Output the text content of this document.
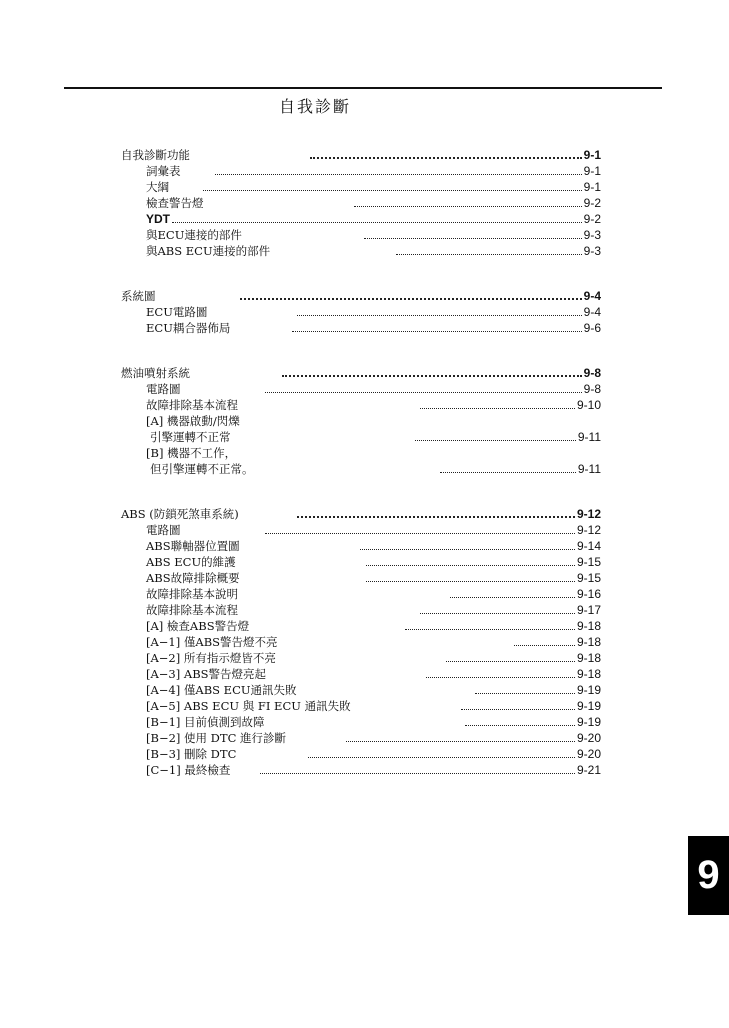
自我診斷
自我診斷功能	9-1
詞彙表	9-1
大綱	9-1
檢查警告燈	9-2
YDT	9-2
與ECU連接的部件	9-3
與ABS ECU連接的部件	9-3
系統圖	9-4
ECU電路圖	9-4
ECU耦合器佈局	9-6
燃油噴射系統	9-8
電路圖	9-8
故障排除基本流程	9-10
[A] 機器啟動/閃爍
引擎運轉不正常	9-11
[B] 機器不工作，
但引擎運轉不正常。	9-11
ABS (防鎖死煞車系統)	9-12
電路圖	9-12
ABS聯軸器位置圖	9-14
ABS ECU的維護	9-15
ABS故障排除概要	9-15
故障排除基本說明	9-16
故障排除基本流程	9-17
[A] 檢查ABS警告燈	9-18
[A−1] 僅ABS警告燈不亮	9-18
[A−2] 所有指示燈皆不亮	9-18
[A−3] ABS警告燈亮起	9-18
[A−4] 僅ABS ECU通訊失敗	9-19
[A−5] ABS ECU 與 FI ECU 通訊失敗	9-19
[B−1] 目前偵測到故障	9-19
[B−2] 使用 DTC 進行診斷	9-20
[B−3] 刪除 DTC	9-20
[C−1] 最終檢查	9-21
9
